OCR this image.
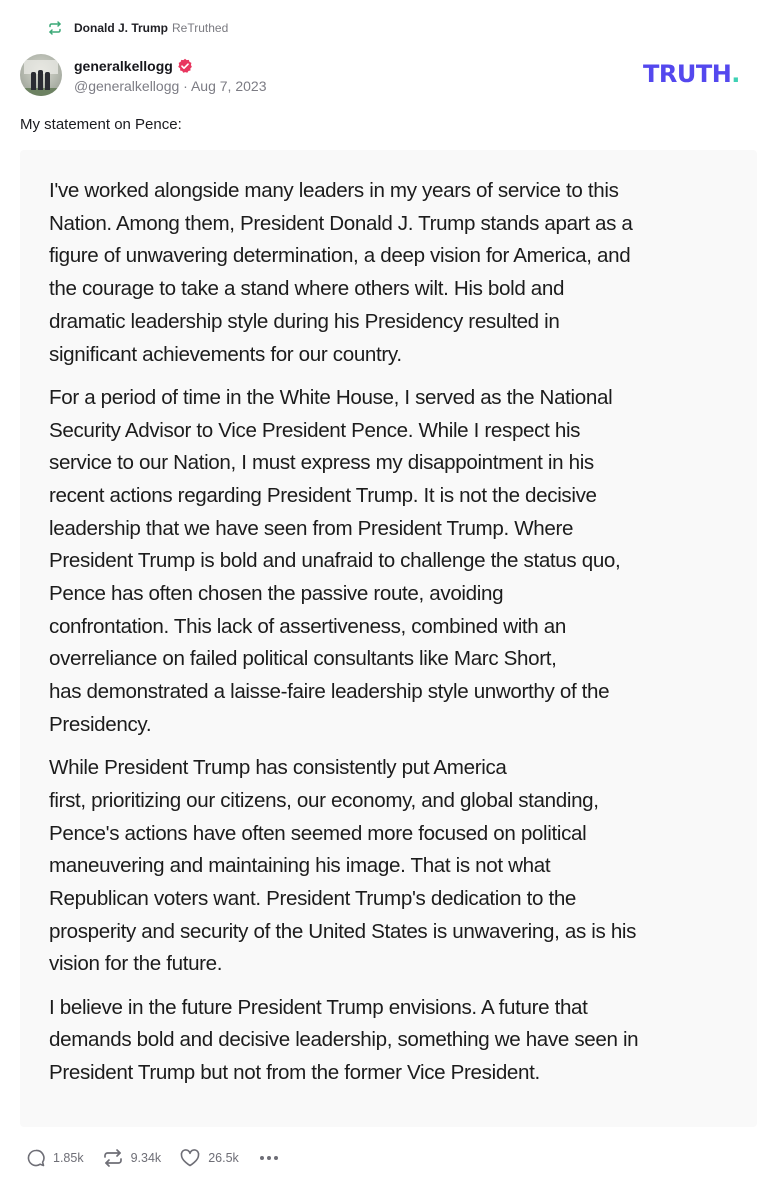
Donald J. Trump ReTruthed
generalkellogg
@generalkellogg · Aug 7, 2023	TRUTH.
My statement on Pence:

I've worked alongside many leaders in my years of service to this
Nation. Among them, President Donald J. Trump stands apart as a
figure of unwavering determination, a deep vision for America, and
the courage to take a stand where others wilt. His bold and
dramatic leadership style during his Presidency resulted in
significant achievements for our country.

For a period of time in the White House, I served as the National
Security Advisor to Vice President Pence. While I respect his
service to our Nation, I must express my disappointment in his
recent actions regarding President Trump. It is not the decisive
leadership that we have seen from President Trump. Where
President Trump is bold and unafraid to challenge the status quo,
Pence has often chosen the passive route, avoiding
confrontation. This lack of assertiveness, combined with an
overreliance on failed political consultants like Marc Short,
has demonstrated a laisse-faire leadership style unworthy of the
Presidency.

While President Trump has consistently put America
first, prioritizing our citizens, our economy, and global standing,
Pence's actions have often seemed more focused on political
maneuvering and maintaining his image. That is not what
Republican voters want. President Trump's dedication to the
prosperity and security of the United States is unwavering, as is his
vision for the future.

I believe in the future President Trump envisions. A future that
demands bold and decisive leadership, something we have seen in
President Trump but not from the former Vice President.

1.85k	9.34k	26.5k
